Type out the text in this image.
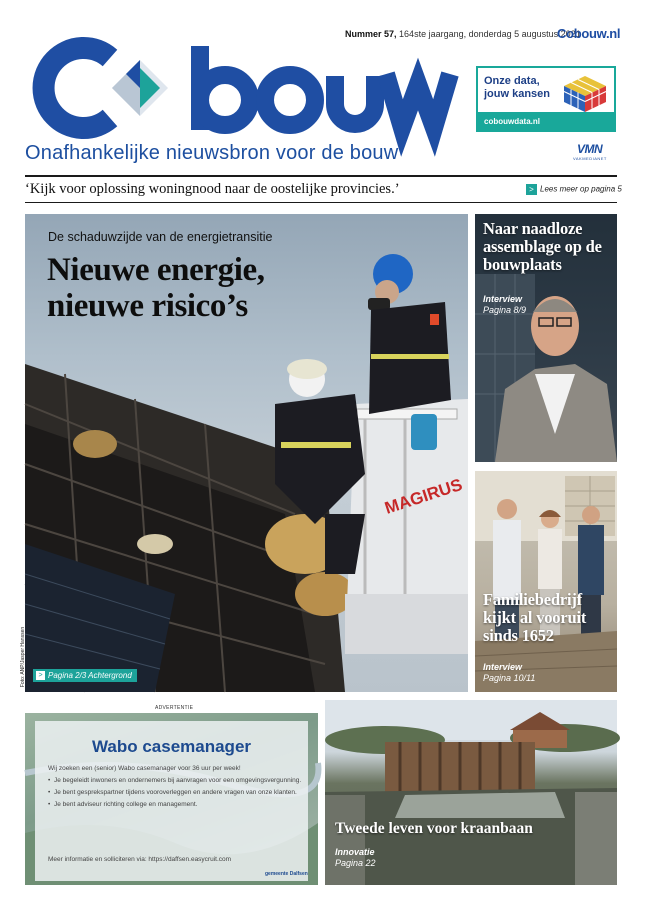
Nummer 57, 164ste jaargang, donderdag 5 augustus 2021
Cobouw.nl
Onze data,
jouw kansen
cobouwdata.nl
Onafhankelijke nieuwsbron voor de bouw	VMN
VAKMEDIANET
‘Kijk voor oplossing woningnood naar de oostelijke provincies.’	> Lees meer op pagina 5
MAGIRUS
De schaduwzijde van de energietransitie
Nieuwe energie, nieuwe risico’s
Foto: ANP/Jasper Hanssen	> Pagina 2/3 Achtergrond
Naar naadloze assemblage op de bouwplaats
Interview
Pagina 8/9
Familiebedrijf kijkt al vooruit sinds 1652
Interview
Pagina 10/11
ADVERTENTIE
Wabo casemanager
Wij zoeken een (senior) Wabo casemanager voor 36 uur per week!
• Je begeleidt inwoners en ondernemers bij aanvragen voor een omgevingsvergunning.
• Je bent gesprekspartner tijdens vooroverleggen en andere vragen van onze klanten.
• Je bent adviseur richting college en management.
Meer informatie en solliciteren via: https://daffsen.easycruit.com
gemeente Dalfsen
Tweede leven voor kraanbaan
Innovatie
Pagina 22
